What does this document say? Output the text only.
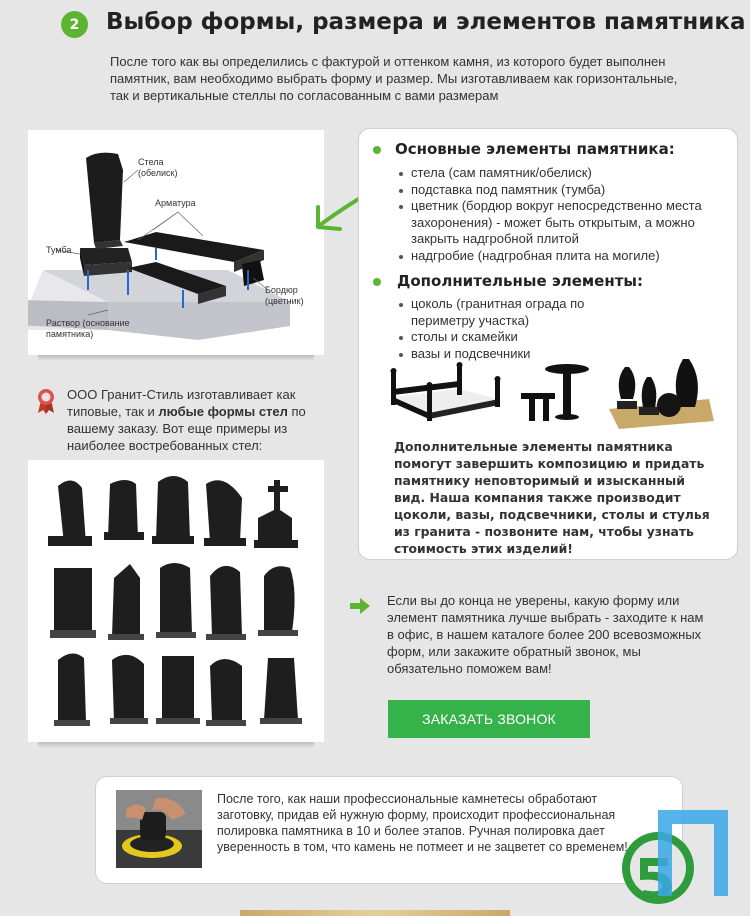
2	Выбор формы, размера и элементов памятника

После того как вы определились с фактурой и оттенком камня, из которого будет выполнен памятник, вам необходимо выбрать форму и размер. Мы изготавливаем как горизонтальные, так и вертикальные стеллы по согласованным с вами размерам

Стела
(обелиск)
Арматура
Тумба
Бордюр
(цветник)
Раствор (основание
памятника)
Основные элементы памятника:
стела (сам памятник/обелиск)
подставка под памятник (тумба)
цветник (бордюр вокруг непосредственно места захоронения) - может быть открытым, а можно закрыть надгробной плитой
надгробие (надгробная плита на могиле)
Дополнительные элементы:
цоколь (гранитная ограда по периметру участка)
столы и скамейки
вазы и подсвечники

Дополнительные элементы памятника помогут завершить композицию и придать памятнику неповторимый и изысканный вид. Наша компания также производит цоколи, вазы, подсвечники, столы и стулья из гранита - позвоните нам, чтобы узнать стоимость этих изделий!

ООО Гранит-Стиль изготавливает как типовые, так и любые формы стел по вашему заказу. Вот еще примеры из наиболее востребованных стел:

Если вы до конца не уверены, какую форму или элемент памятника лучше выбрать - заходите к нам в офис, в нашем каталоге более 200 всевозможных форм, или закажите обратный звонок, мы обязательно поможем вам!

ЗАКАЗАТЬ ЗВОНОК

После того, как наши профессиональные камнетесы обработают заготовку, придав ей нужную форму, происходит профессиональная полировка памятника в 10 и более этапов. Ручная полировка дает уверенность в том, что камень не потмеет и не зацветет со временем!
